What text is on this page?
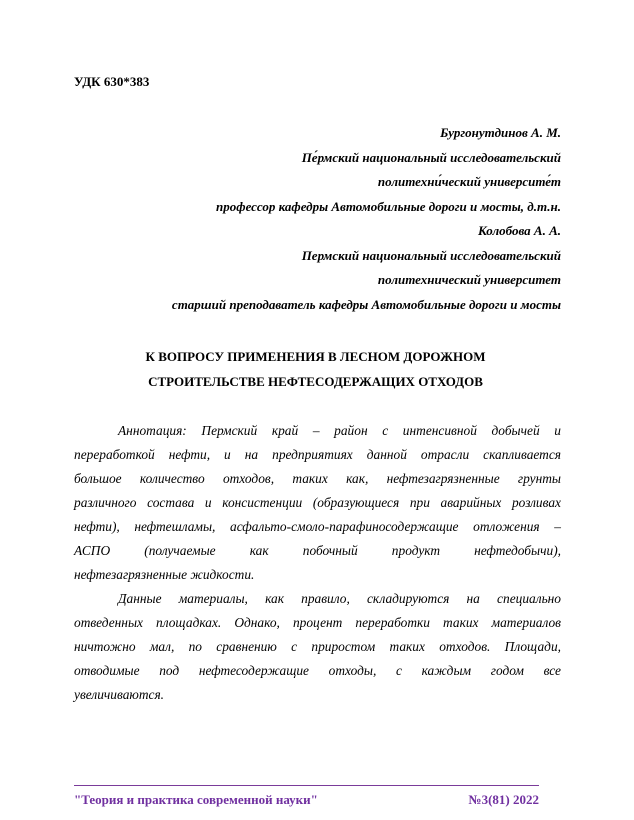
УДК 630*383
Бургонутдинов А. М.
Пе́рмский национальный исследовательский
политехни́ческий университе́т
профессор кафедры Автомобильные дороги и мосты, д.т.н.
Колобова А. А.
Пермский национальный исследовательский
политехнический университет
старший преподаватель кафедры Автомобильные дороги и мосты
К ВОПРОСУ ПРИМЕНЕНИЯ В ЛЕСНОМ ДОРОЖНОМ
СТРОИТЕЛЬСТВЕ НЕФТЕСОДЕРЖАЩИХ ОТХОДОВ
Аннотация: Пермский край – район с интенсивной добычей и
переработкой нефти, и на предприятиях данной отрасли скапливается
большое количество отходов, таких как, нефтезагрязненные грунты
различного состава и консистенции (образующиеся при аварийных розливах
нефти), нефтешламы, асфальто-смоло-парафиносодержащие отложения –
АСПО (получаемые как побочный продукт нефтедобычи),
нефтезагрязненные жидкости.
Данные материалы, как правило, складируются на специально
отведенных площадках. Однако, процент переработки таких материалов
ничтожно мал, по сравнению с приростом таких отходов. Площади,
отводимые под нефтесодержащие отходы, с каждым годом все
увеличиваются.
"Теория и практика современной науки"	№3(81) 2022
